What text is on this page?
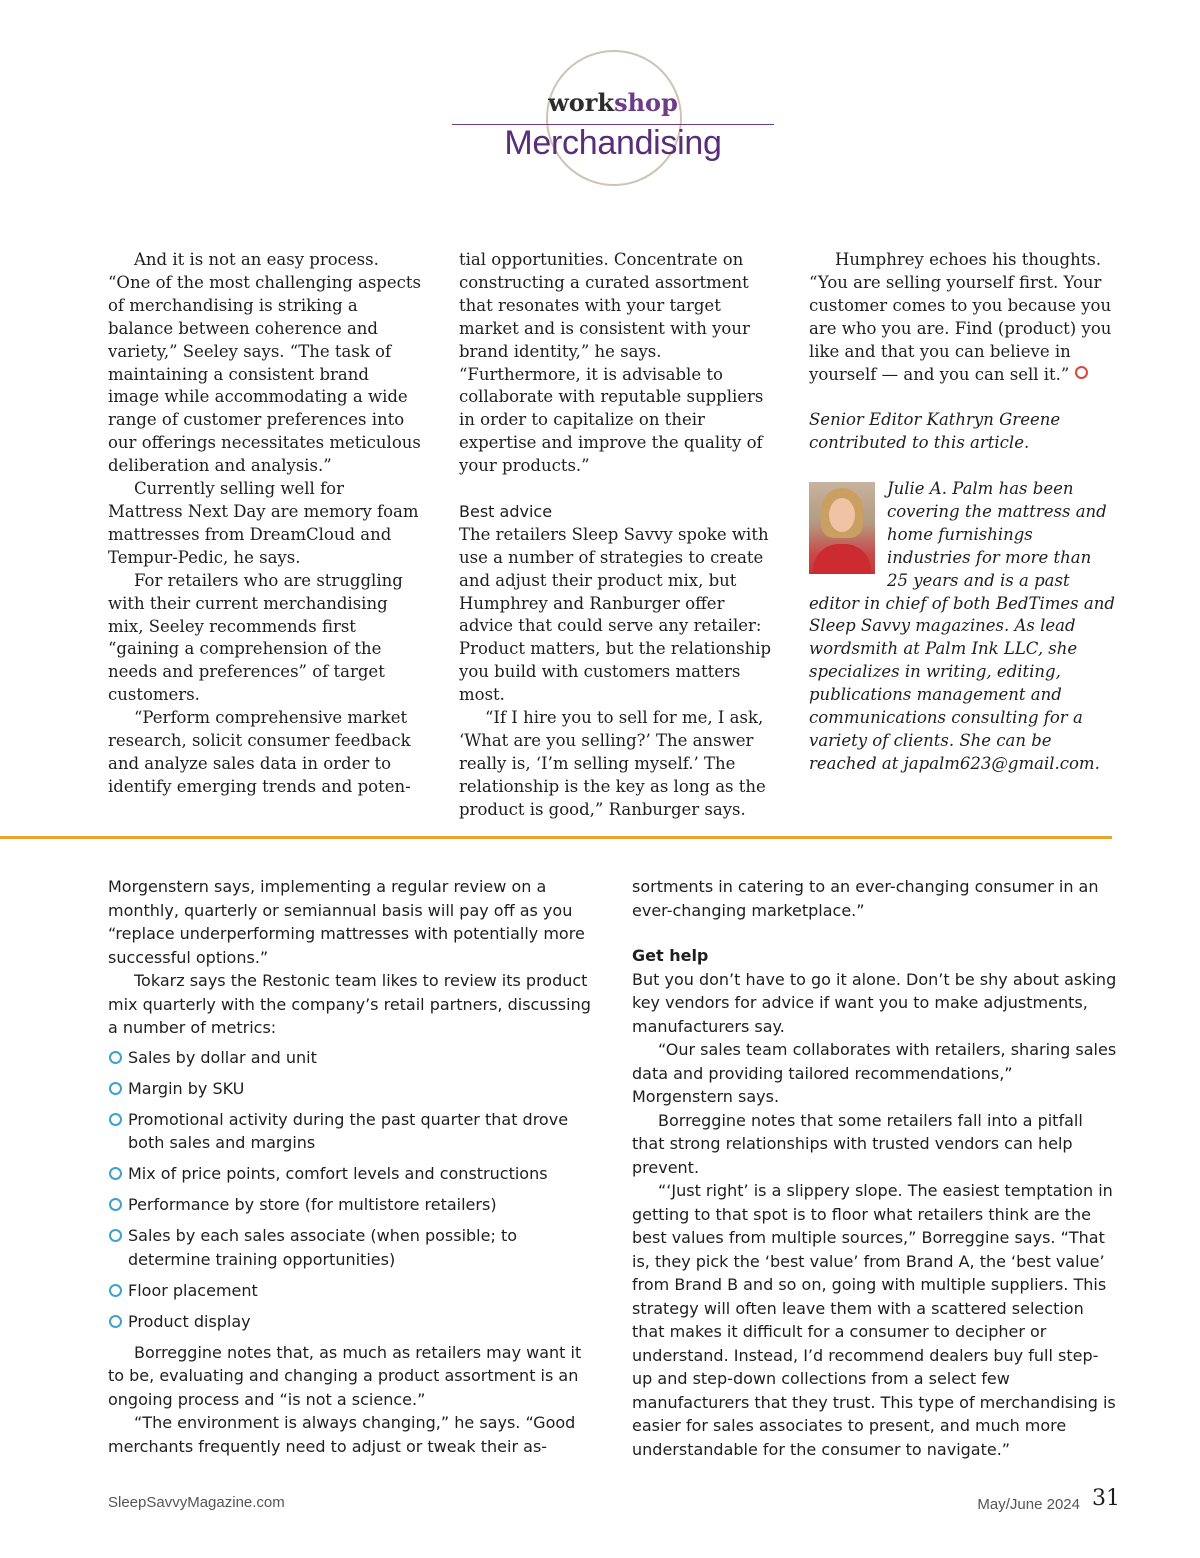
workshop
Merchandising

And it is not an easy process. “One of the most challenging aspects of merchandising is striking a balance between coherence and variety,” Seeley says. “The task of maintaining a consistent brand image while accommodating a wide range of customer preferences into our offerings necessitates meticulous deliberation and analysis.”

Currently selling well for Mattress Next Day are memory foam mattresses from DreamCloud and Tempur-Pedic, he says.

For retailers who are struggling with their current merchandising mix, Seeley recommends first “gaining a comprehension of the needs and preferences” of target customers.

“Perform comprehensive market research, solicit consumer feedback and analyze sales data in order to identify emerging trends and poten-

tial opportunities. Concentrate on constructing a curated assortment that resonates with your target market and is consistent with your brand identity,” he says. “Furthermore, it is advisable to collaborate with reputable suppliers in order to capitalize on their expertise and improve the quality of your products.”

Best advice

The retailers Sleep Savvy spoke with use a number of strategies to create and adjust their product mix, but Humphrey and Ranburger offer advice that could serve any retailer: Product matters, but the relationship you build with customers matters most.

“If I hire you to sell for me, I ask, ‘What are you selling?’ The answer really is, ‘I’m selling myself.’ The relationship is the key as long as the product is good,” Ranburger says.

Humphrey echoes his thoughts. “You are selling yourself first. Your customer comes to you because you are who you are. Find (product) you like and that you can believe in yourself — and you can sell it.”

Senior Editor Kathryn Greene contributed to this article.

Julie A. Palm has been covering the mattress and home furnishings industries for more than 25 years and is a past editor in chief of both BedTimes and Sleep Savvy magazines. As lead wordsmith at Palm Ink LLC, she specializes in writing, editing, publications management and communications consulting for a variety of clients. She can be reached at japalm623@gmail.com.

Morgenstern says, implementing a regular review on a monthly, quarterly or semiannual basis will pay off as you “replace underperforming mattresses with potentially more successful options.”

Tokarz says the Restonic team likes to review its product mix quarterly with the company’s retail partners, discussing a number of metrics:

Sales by dollar and unit
Margin by SKU
Promotional activity during the past quarter that drove both sales and margins
Mix of price points, comfort levels and constructions
Performance by store (for multistore retailers)
Sales by each sales associate (when possible; to determine training opportunities)
Floor placement
Product display

Borreggine notes that, as much as retailers may want it to be, evaluating and changing a product assortment is an ongoing process and “is not a science.”

“The environment is always changing,” he says. “Good merchants frequently need to adjust or tweak their as-

sortments in catering to an ever-changing consumer in an ever-changing marketplace.”

Get help

But you don’t have to go it alone. Don’t be shy about asking key vendors for advice if want you to make adjustments, manufacturers say.

“Our sales team collaborates with retailers, sharing sales data and providing tailored recommendations,” Morgenstern says.

Borreggine notes that some retailers fall into a pitfall that strong relationships with trusted vendors can help prevent.

“‘Just right’ is a slippery slope. The easiest temptation in getting to that spot is to floor what retailers think are the best values from multiple sources,” Borreggine says. “That is, they pick the ‘best value’ from Brand A, the ‘best value’ from Brand B and so on, going with multiple suppliers. This strategy will often leave them with a scattered selection that makes it difficult for a consumer to decipher or understand. Instead, I’d recommend dealers buy full step-up and step-down collections from a select few manufacturers that they trust. This type of merchandising is easier for sales associates to present, and much more understandable for the consumer to navigate.”

SleepSavvyMagazine.com	May/June 2024 31
